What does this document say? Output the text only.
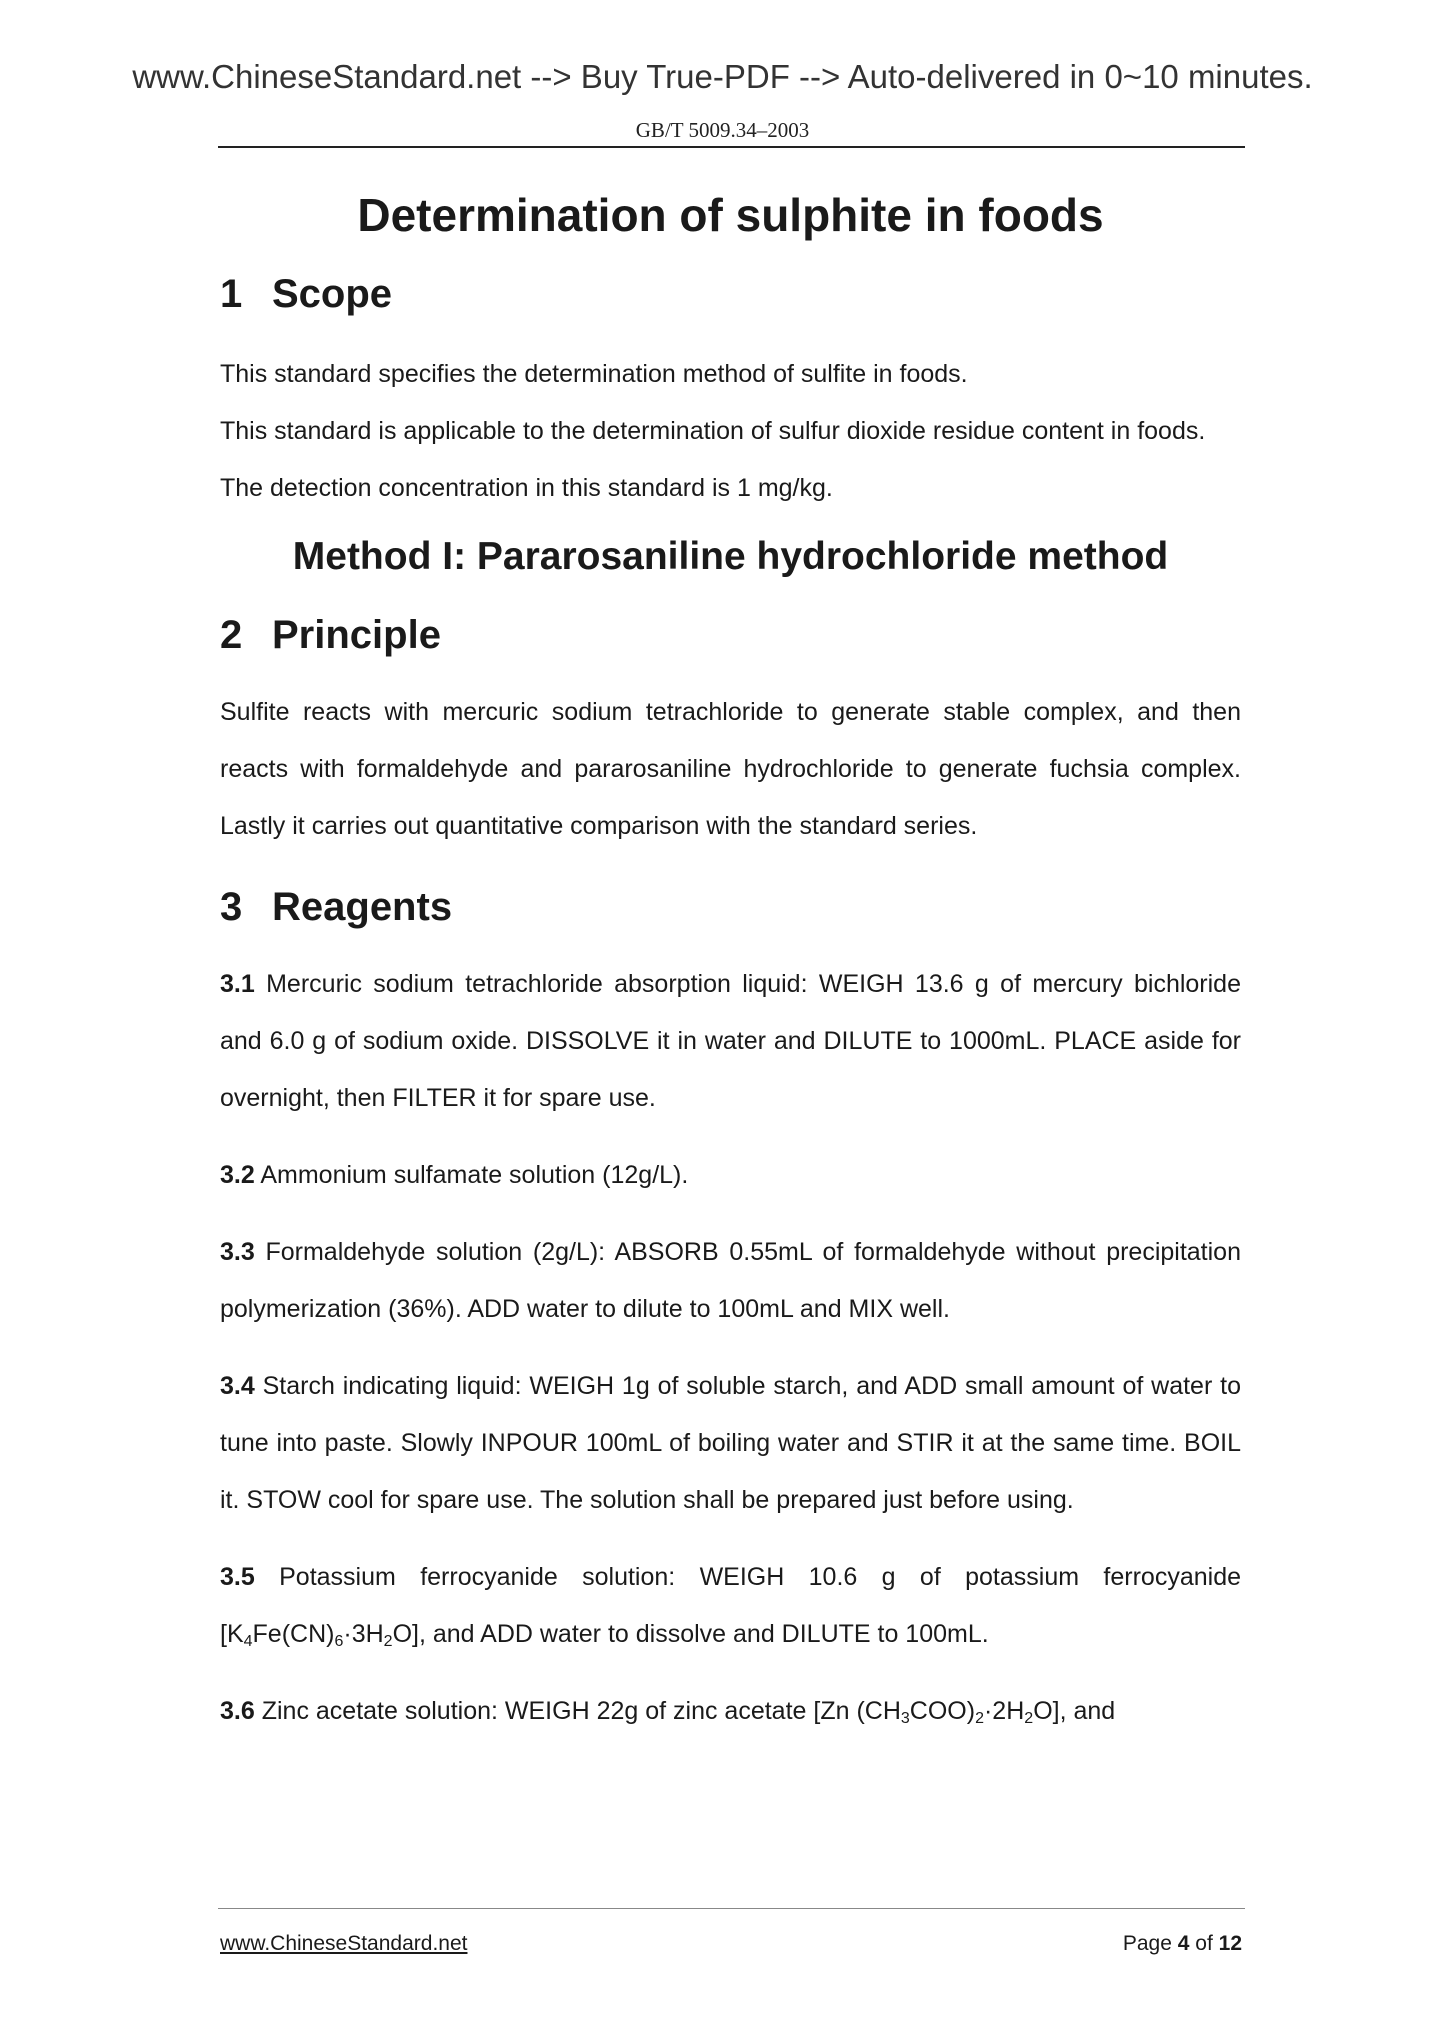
www.ChineseStandard.net --> Buy True-PDF --> Auto-delivered in 0~10 minutes.
GB/T 5009.34–2003
Determination of sulphite in foods
1 Scope

This standard specifies the determination method of sulfite in foods.

This standard is applicable to the determination of sulfur dioxide residue content in foods.

The detection concentration in this standard is 1 mg/kg.

Method I: Pararosaniline hydrochloride method
2 Principle

Sulfite reacts with mercuric sodium tetrachloride to generate stable complex, and then reacts with formaldehyde and pararosaniline hydrochloride to generate fuchsia complex. Lastly it carries out quantitative comparison with the standard series.

3 Reagents

3.1 Mercuric sodium tetrachloride absorption liquid: WEIGH 13.6 g of mercury bichloride and 6.0 g of sodium oxide. DISSOLVE it in water and DILUTE to 1000mL. PLACE aside for overnight, then FILTER it for spare use.

3.2 Ammonium sulfamate solution (12g/L).

3.3 Formaldehyde solution (2g/L): ABSORB 0.55mL of formaldehyde without precipitation polymerization (36%). ADD water to dilute to 100mL and MIX well.

3.4 Starch indicating liquid: WEIGH 1g of soluble starch, and ADD small amount of water to tune into paste. Slowly INPOUR 100mL of boiling water and STIR it at the same time. BOIL it. STOW cool for spare use. The solution shall be prepared just before using.

3.5 Potassium ferrocyanide solution: WEIGH 10.6 g of potassium ferrocyanide $[K_4Fe(CN)_6\cdot 3H_2O]$, and ADD water to dissolve and DILUTE to 100mL.

3.6 Zinc acetate solution: WEIGH 22g of zinc acetate [Zn $(CH_3COO)_2\cdot 2H_2O$], and

www.ChineseStandard.net	Page 4 of 12
